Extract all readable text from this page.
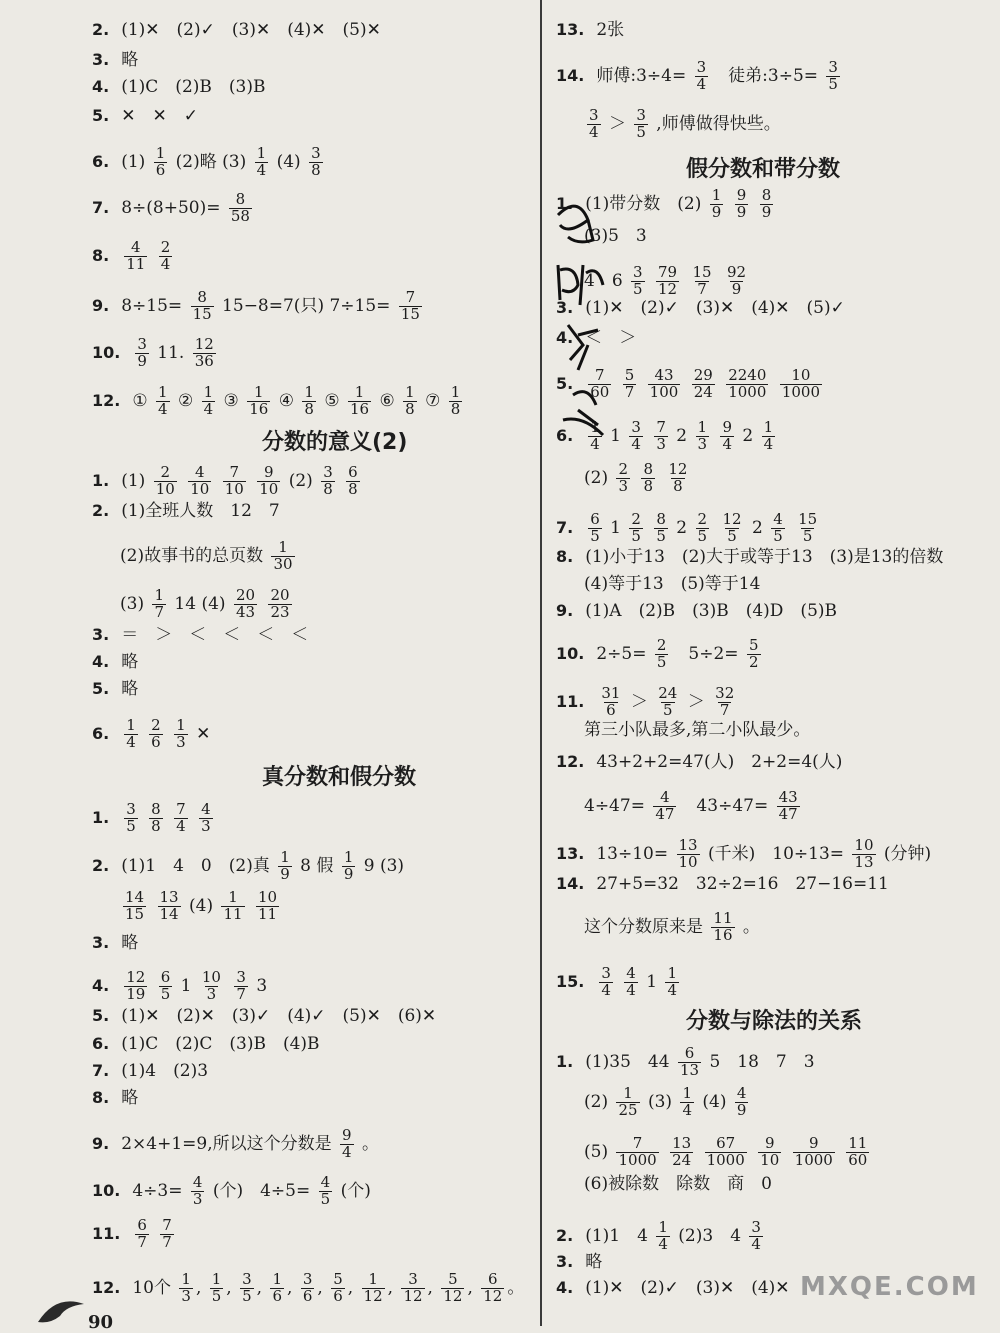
2. (1)✕　(2)✓　(3)✕　(4)✕　(5)✕
3. 略
4. (1)C　(2)B　(3)B
5. ✕　✕　✓
6. $(1) \frac{1}{6} (2)$略 $(3) \frac{1}{4} (4) \frac{3}{8}$
7. $8\div(8+50)= \frac{8}{58}$
8. $\frac{4}{11}$
$\frac{2}{4}$
9. $8\div 15= \frac{8}{15} 15-8=7$(只) $7\div 15= \frac{7}{15}$
10. $\frac{3}{9} 11$. $\frac{12}{36}$
12. ① $\frac{1}{4}$ ② $\frac{1}{4}$ ③ $\frac{1}{16}$ ④ $\frac{1}{8}$ ⑤ $\frac{1}{16}$ ⑥ $\frac{1}{8}$ ⑦ $\frac{1}{8}$
分数的意义(2)
1. $(1) \frac{2}{10}$
$\frac{4}{10}$
$\frac{7}{10}$
$\frac{9}{10} (2) \frac{3}{8}$
$\frac{6}{8}$
2. (1)全班人数　12　7
(2)故事书的总页数 $\frac{1}{30}$
$(3) \frac{1}{7} 14$ $(4) \frac{20}{43}$
$\frac{20}{23}$
3. ＝　＞　＜　＜　＜　＜
4. 略
5. 略
6. $\frac{1}{4}$
$\frac{2}{6}$
$\frac{1}{3}$ ✕
真分数和假分数
1. $\frac{3}{5}$
$\frac{8}{8}$
$\frac{7}{4}$
$\frac{4}{3}$
2. (1)1　4　0　(2)真 $\frac{1}{9} 8$ 假 $\frac{1}{9} 9$ (3)
$\frac{14}{15}$
$\frac{13}{14} (4) \frac{1}{11}$
$\frac{10}{11}$
3. 略
4. $\frac{12}{19}$
$\frac{6}{5} 1 \frac{10}{3}$
$\frac{3}{7} 3$
5. (1)✕　(2)✕　(3)✓　(4)✓　(5)✕　(6)✕
6. (1)C　(2)C　(3)B　(4)B
7. (1)4　(2)3
8. 略
9. 2×4+1=9,所以这个分数是 $\frac{9}{4}$ 。
10. $4\div 3= \frac{4}{3}$ (个)　$4\div 5= \frac{4}{5}$ (个)
11. $\frac{6}{7}$
$\frac{7}{7}$
12. 10个 $\frac{1}{3}$ , $\frac{1}{5}$ , $\frac{3}{5}$ , $\frac{1}{6}$ , $\frac{3}{6}$ , $\frac{5}{6}$ , $\frac{1}{12}$ , $\frac{3}{12}$ , $\frac{5}{12}$ , $\frac{6}{12}$ 。
13. 2张
14. 师傅:3÷4= $\frac{3}{4}$ 　徒弟:3÷5= $\frac{3}{5}$
$\frac{3}{4} > \frac{3}{5}$ ,师傅做得快些。
假分数和带分数
1. (1)带分数　$(2) \frac{1}{9}$
$\frac{9}{9}$
$\frac{8}{9}$
(3)5　3
4　$6 \frac{3}{5}$
$\frac{79}{12}$
$\frac{15}{7}$
$\frac{92}{9}$
3. (1)✕　(2)✓　(3)✕　(4)✕　(5)✓
4. ＜　＞
5. $\frac{7}{60}$
$\frac{5}{7}$
$\frac{43}{100}$
$\frac{29}{24}$
$\frac{2240}{1000}$
$\frac{10}{1000}$
6. $\frac{1}{4} 1 \frac{3}{4}$
$\frac{7}{3} 2 \frac{1}{3}$
$\frac{9}{4} 2 \frac{1}{4}$
$(2) \frac{2}{3}$
$\frac{8}{8}$
$\frac{12}{8}$
7. $\frac{6}{5} 1 \frac{2}{5}$
$\frac{8}{5} 2 \frac{2}{5}$
$\frac{12}{5} 2 \frac{4}{5}$
$\frac{15}{5}$
8. (1)小于13　(2)大于或等于13　(3)是13的倍数
(4)等于13　(5)等于14
9. (1)A　(2)B　(3)B　(4)D　(5)B
10. $2\div 5= \frac{2}{5}$ 　$5\div 2= \frac{5}{2}$
11. $\frac{31}{6} > \frac{24}{5} > \frac{32}{7}$
第三小队最多,第二小队最少。
12. 43+2+2=47(人)　2+2=4(人)
$4\div 47= \frac{4}{47}$ 　$43\div 47= \frac{43}{47}$
13. $13\div 10= \frac{13}{10}$ (千米)　$10\div 13= \frac{10}{13}$ (分钟)
14. 27+5=32　32÷2=16　27−16=11
这个分数原来是 $\frac{11}{16}$ 。
15. $\frac{3}{4}$
$\frac{4}{4} 1 \frac{1}{4}$
分数与除法的关系
1. (1)35　$44 \frac{6}{13} 5$　18　7　3
$(2) \frac{1}{25} (3) \frac{1}{4} (4) \frac{4}{9}$
$(5) \frac{7}{1000}$
$\frac{13}{24}$
$\frac{67}{1000}$
$\frac{9}{10}$
$\frac{9}{1000}$
$\frac{11}{60}$
(6)被除数　除数　商　0
2. (1)1　$4 \frac{1}{4} (2)3$　$4 \frac{3}{4}$
3. 略
4. (1)✕　(2)✓　(3)✕　(4)✕
90
MXQE.COM
